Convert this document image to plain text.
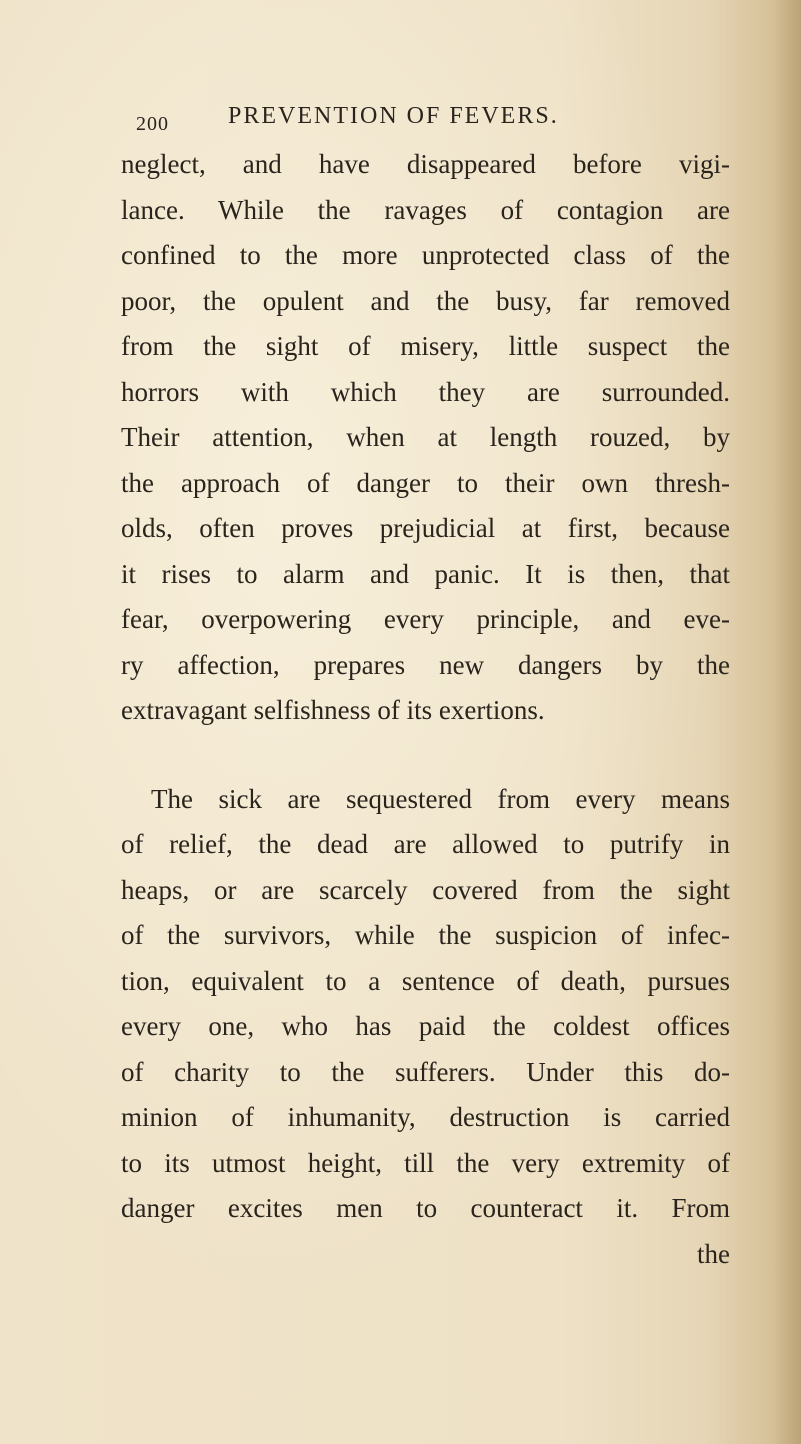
200 PREVENTION OF FEVERS.
neglect, and have disappeared before vigi-
lance. While the ravages of contagion are
confined to the more unprotected class of the
poor, the opulent and the busy, far removed
from the sight of misery, little suspect the
horrors with which they are surrounded.
Their attention, when at length rouzed, by
the approach of danger to their own thresh-
olds, often proves prejudicial at first, because
it rises to alarm and panic. It is then, that
fear, overpowering every principle, and eve-
ry affection, prepares new dangers by the
extravagant selfishness of its exertions.
The sick are sequestered from every means
of relief, the dead are allowed to putrify in
heaps, or are scarcely covered from the sight
of the survivors, while the suspicion of infec-
tion, equivalent to a sentence of death, pursues
every one, who has paid the coldest offices
of charity to the sufferers. Under this do-
minion of inhumanity, destruction is carried
to its utmost height, till the very extremity of
danger excites men to counteract it. From
the
